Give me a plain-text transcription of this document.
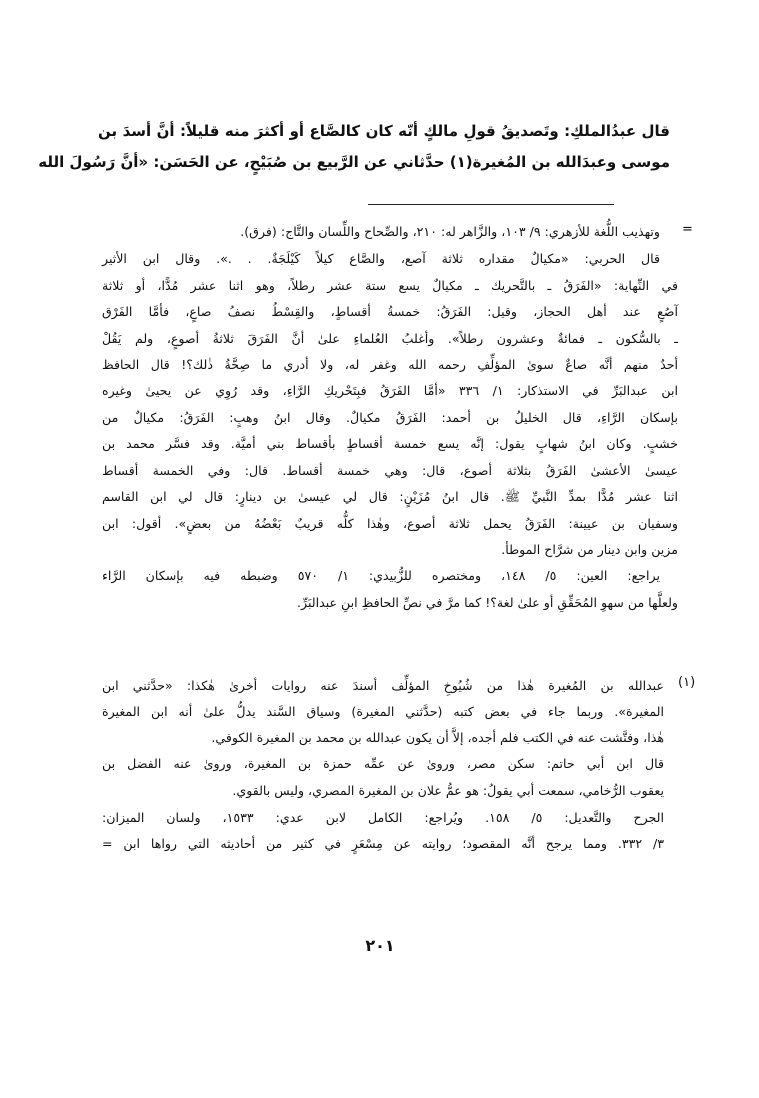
قال عبدُالملكِ: وتَصديقُ قولِ مالكٍ أنّه كان كالصَّاع أو أكثرَ منه قليلاً: أنَّ أسدَ بن
موسى وعبدَالله بن المُغيرة(١) حدَّثاني عن الرَّبيع بن صُبَيْحٍ، عن الحَسَن: «أنَّ رَسُولَ الله
=
وتهذيب اللُّغة للأزهري: ٩/ ١٠٣، والزَّاهر له: ٢١٠، والصِّحاح واللِّسان والتَّاج: (فرق).
قال الحربي: «مكيالٌ مقداره ثلاثة آصع، والصَّاع كيلاً كَيْلَجَةٌ. . .». وقال ابن الأثير
في النِّهاية: «الفَرَقُ ـ بالتَّحريك ـ مكيالٌ يسع ستة عشر رطلاً، وهو اثنا عشر مُدًّا، أو ثلاثة
آصُعٍ عند أهل الحجاز، وقيل: الفَرَقُ: خمسةُ أقساطٍ، والقِسْطُ نصفُ صاعٍ، فأمَّا الفَرْق
ـ بالسُّكون ـ فمائةٌ وعشرون رطلاً». وأغلبُ العُلماءِ علىٰ أنَّ الفَرَقَ ثلاثةُ أصوعٍ، ولم يَقُلْ
أحدٌ منهم أنَّه صاعٌ سوىٰ المؤلِّفِ رحمه الله وغفر له، ولا أدري ما صِحَّةُ ذٰلك؟! قال الحافظ
ابن عبدالبَرِّ في الاستذكار: ١/ ٣٣٦ «أمَّا الفَرَقُ فبِتَحْريكِ الرَّاءِ، وقد رُوِي عن يحيىٰ وغيره
بإسكان الرَّاءِ، قال الخليلُ بن أحمد: الفَرَقُ مكيالٌ. وقال ابنُ وهبٍ: الفَرَقُ: مكيالٌ من
خشبٍ. وكان ابنُ شهابٍ يقول: إنَّه يسع خمسة أقساطٍ بأقساط بني أميَّة. وقد فسَّر محمد بن
عيسىٰ الأعشىٰ الفَرَقُ بثلاثة أصوع، قال: وهي خمسة أقساط. قال: وفي الخمسة أقساط
اثنا عشر مُدًّا بمدِّ النَّبيِّ ﷺ. قال ابنُ مُزَيْنٍ: قال لي عيسىٰ بن دينارٍ: قال لي ابن القاسم
وسفيان بن عيينة: الفَرَقُ يحمل ثلاثة أصوع، وهٰذا كلُّه قريبٌ بَعْضُهُ من بعضٍ». أقول: ابن
مزين وابن دينار من شرَّاح الموطأ.
يراجع: العين: ٥/ ١٤٨، ومختصره للزُّبيدي: ١/ ٥٧٠ وضبطه فيه بإسكان الرَّاء
ولعلَّها من سهوِ المُحَقِّقِ أو علىٰ لغة؟! كما مرَّ في نصِّ الحافظِ ابنِ عبدالبَرِّ.
(١)
عبدالله بن المُغيرة هٰذا من شُيُوخِ المؤلِّف أسندَ عنه روايات أخرىٰ هٰكذا: «حدَّثني ابن
المغيرة». وربما جاء في بعض كتبه (حدَّثني المغيرة) وسياق السَّند يدلُّ علىٰ أنه ابن المغيرة
هٰذا، وفتَّشت عنه في الكتب فلم أجده، إلاَّ أن يكون عبدالله بن محمد بن المغيرة الكوفي.
قال ابن أبي حاتم: سكن مصر، وروىٰ عن عمِّه حمزة بن المغيرة، وروىٰ عنه الفضل بن
يعقوب الرُّخامي، سمعت أبي يقولُ: هو عمُّ علان بن المغيرة المصري، وليس بالقوي.
الجرح والتَّعديل: ٥/ ١٥٨. ويُراجع: الكامل لابن عدي: ١٥٣٣، ولسان الميزان:
٣/ ٣٣٢. ومما يرجح أنَّه المقصود؛ روايته عن مِسْعَرٍ في كثير من أحاديثه التي رواها ابن =
٢٠١
